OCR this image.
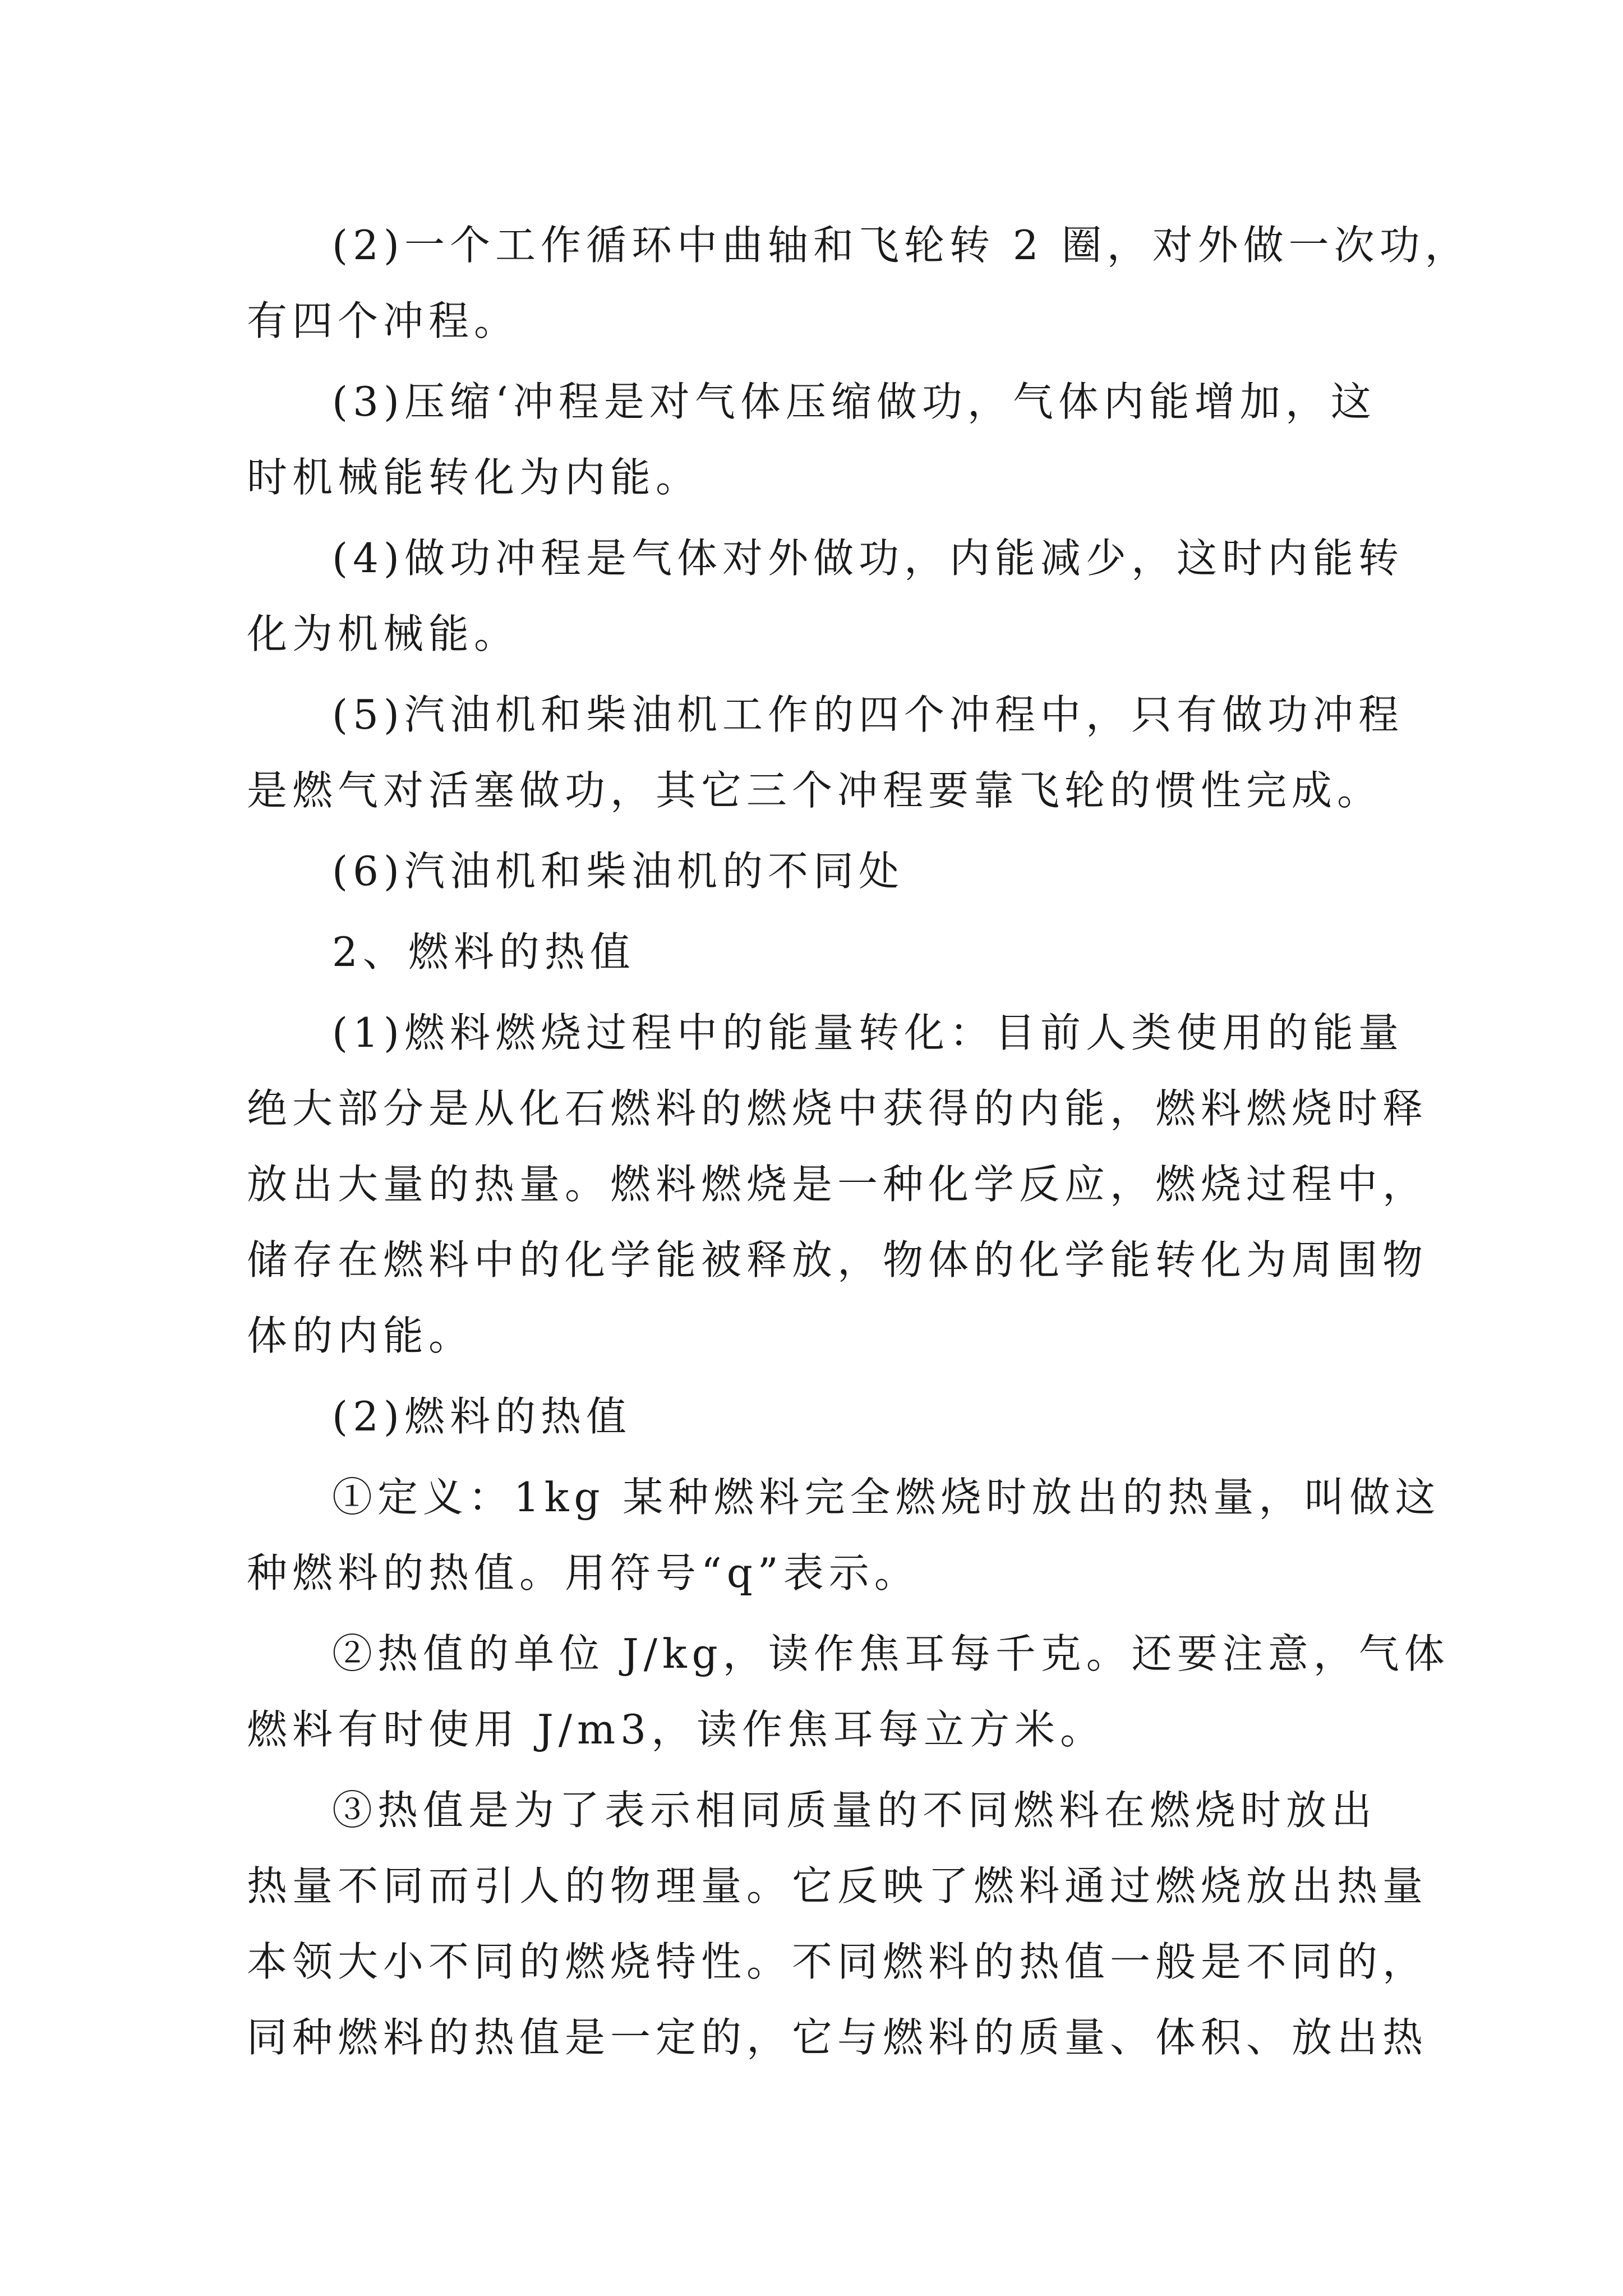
(2)一个工作循环中曲轴和飞轮转 2 圈，对外做一次功，
有四个冲程。
(3)压缩‘冲程是对气体压缩做功，气体内能增加，这
时机械能转化为内能。
(4)做功冲程是气体对外做功，内能减少，这时内能转
化为机械能。
(5)汽油机和柴油机工作的四个冲程中，只有做功冲程
是燃气对活塞做功，其它三个冲程要靠飞轮的惯性完成。
(6)汽油机和柴油机的不同处
2、燃料的热值
(1)燃料燃烧过程中的能量转化：目前人类使用的能量
绝大部分是从化石燃料的燃烧中获得的内能，燃料燃烧时释
放出大量的热量。燃料燃烧是一种化学反应，燃烧过程中，
储存在燃料中的化学能被释放，物体的化学能转化为周围物
体的内能。
(2)燃料的热值
①定义：1kg 某种燃料完全燃烧时放出的热量，叫做这
种燃料的热值。用符号“q”表示。
②热值的单位 J/kg，读作焦耳每千克。还要注意，气体
燃料有时使用 J/m3，读作焦耳每立方米。
③热值是为了表示相同质量的不同燃料在燃烧时放出
热量不同而引人的物理量。它反映了燃料通过燃烧放出热量
本领大小不同的燃烧特性。不同燃料的热值一般是不同的，
同种燃料的热值是一定的，它与燃料的质量、体积、放出热
